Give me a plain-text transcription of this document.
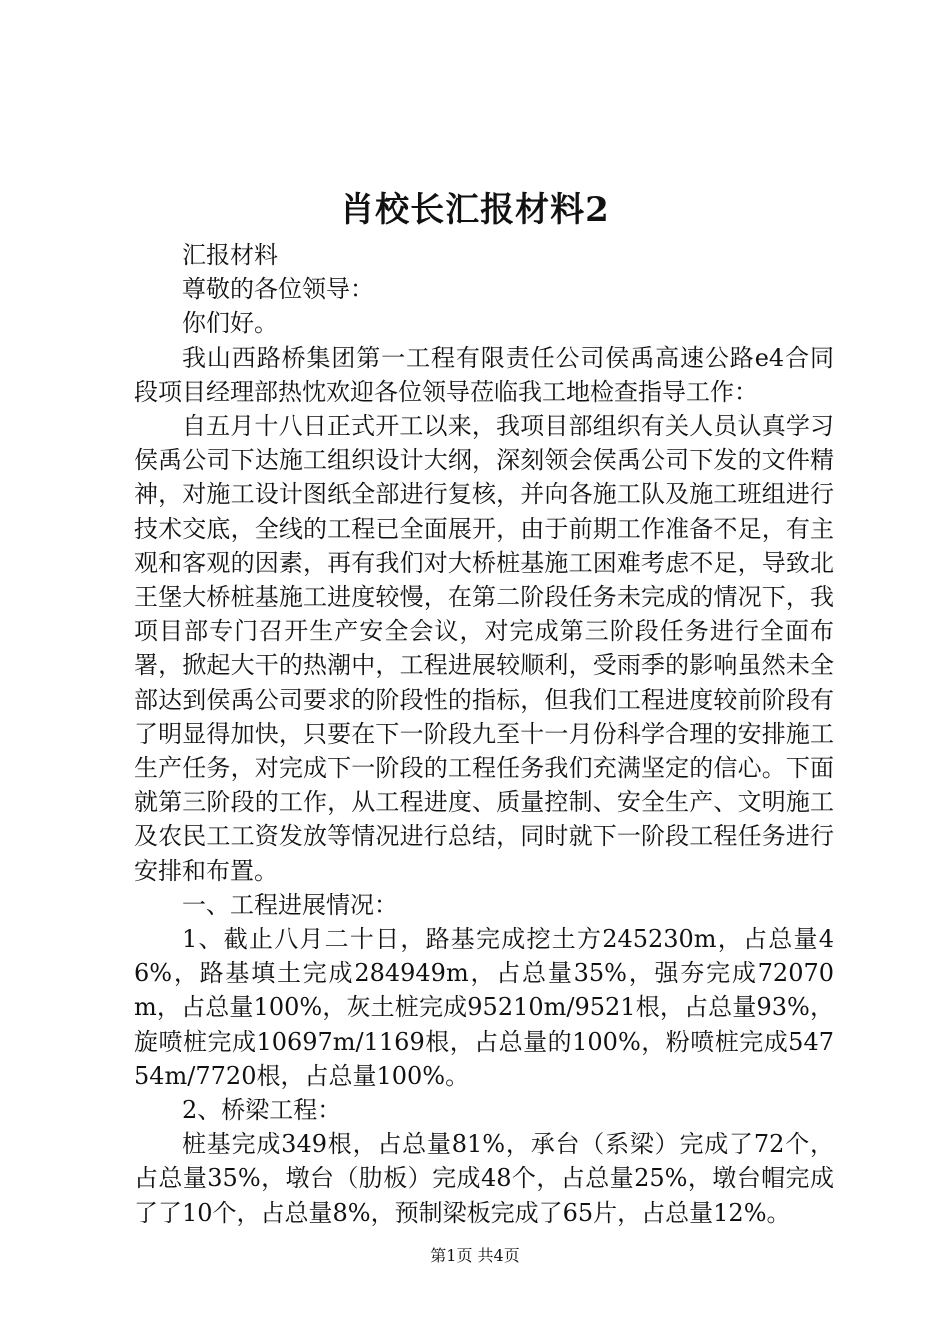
肖校长汇报材料2

汇报材料

尊敬的各位领导：

你们好。

我山西路桥集团第一工程有限责任公司侯禹高速公路e4合同段项目经理部热忱欢迎各位领导莅临我工地检查指导工作：

自五月十八日正式开工以来，我项目部组织有关人员认真学习侯禹公司下达施工组织设计大纲，深刻领会侯禹公司下发的文件精神，对施工设计图纸全部进行复核，并向各施工队及施工班组进行技术交底，全线的工程已全面展开，由于前期工作准备不足，有主观和客观的因素，再有我们对大桥桩基施工困难考虑不足，导致北王堡大桥桩基施工进度较慢，在第二阶段任务未完成的情况下，我项目部专门召开生产安全会议，对完成第三阶段任务进行全面布署，掀起大干的热潮中，工程进展较顺利，受雨季的影响虽然未全部达到侯禹公司要求的阶段性的指标，但我们工程进度较前阶段有了明显得加快，只要在下一阶段九至十一月份科学合理的安排施工生产任务，对完成下一阶段的工程任务我们充满坚定的信心。下面就第三阶段的工作，从工程进度、质量控制、安全生产、文明施工及农民工工资发放等情况进行总结，同时就下一阶段工程任务进行安排和布置。

一、工程进展情况：

1、截止八月二十日，路基完成挖土方245230m，占总量46%，路基填土完成284949m，占总量35%，强夯完成72070m，占总量100%，灰土桩完成95210m/9521根，占总量93%，旋喷桩完成10697m/1169根，占总量的100%，粉喷桩完成54754m/7720根，占总量100%。

2、桥梁工程：

桩基完成349根，占总量81%，承台（系梁）完成了72个，占总量35%，墩台（肋板）完成48个，占总量25%，墩台帽完成了了10个，占总量8%，预制梁板完成了65片，占总量12%。

第1页 共4页
